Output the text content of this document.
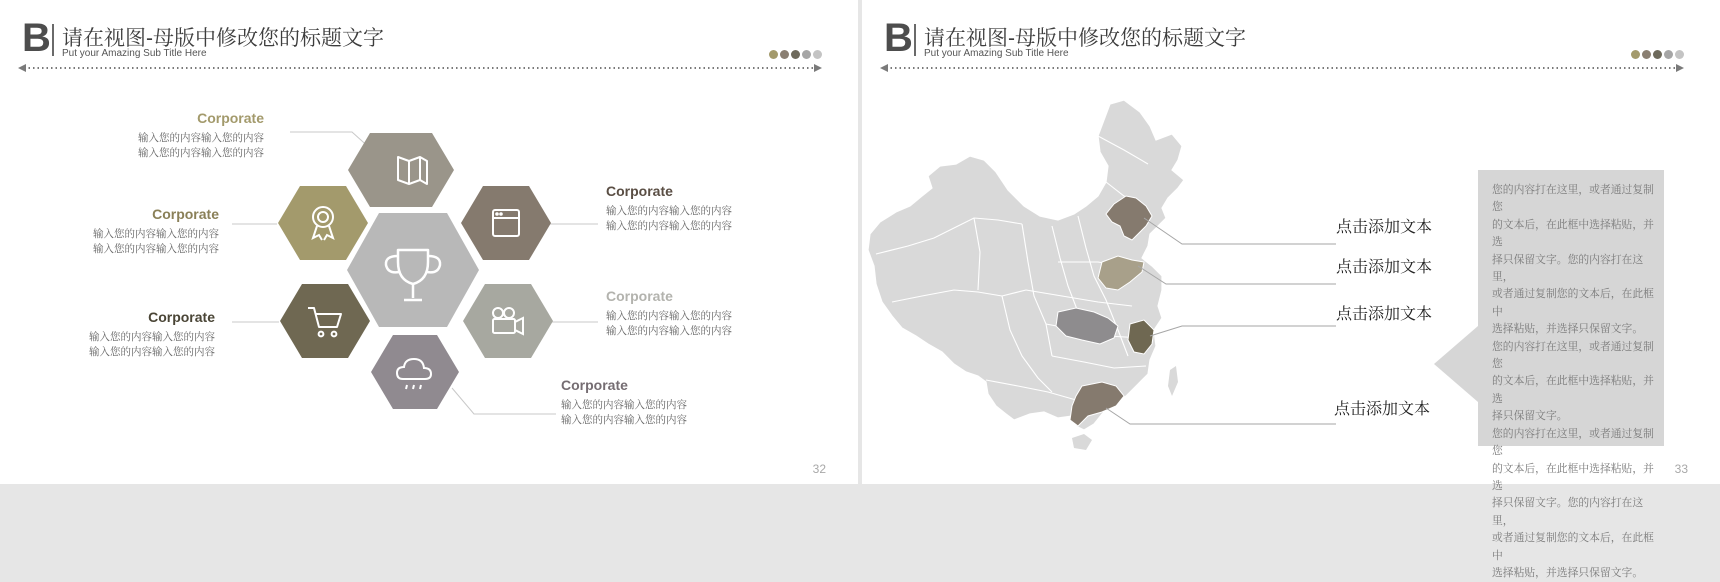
B 请在视图-母版中修改您的标题文字
Put your Amazing Sub Title Here
Corporate
输入您的内容输入您的内容
输入您的内容输入您的内容
Corporate
输入您的内容输入您的内容
输入您的内容输入您的内容
Corporate
输入您的内容输入您的内容
输入您的内容输入您的内容
Corporate
输入您的内容输入您的内容
输入您的内容输入您的内容
Corporate
输入您的内容输入您的内容
输入您的内容输入您的内容
Corporate
输入您的内容输入您的内容
输入您的内容输入您的内容
32
B 请在视图-母版中修改您的标题文字
Put your Amazing Sub Title Here
点击添加文本
点击添加文本
点击添加文本
点击添加文本
您的内容打在这里，或者通过复制您
的文本后，在此框中选择粘贴，并选
择只保留文字。您的内容打在这里，
或者通过复制您的文本后，在此框中
选择粘贴，并选择只保留文字。
您的内容打在这里，或者通过复制您
的文本后，在此框中选择粘贴，并选
择只保留文字。
您的内容打在这里，或者通过复制您
的文本后，在此框中选择粘贴，并选
择只保留文字。您的内容打在这里，
或者通过复制您的文本后，在此框中
选择粘贴，并选择只保留文字。
33
